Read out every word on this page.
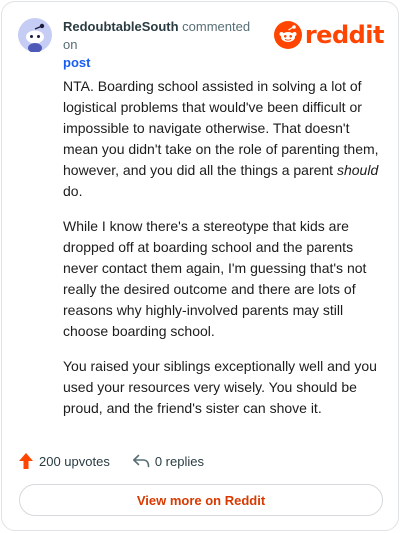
RedoubtableSouth commented on
post
reddit

NTA. Boarding school assisted in solving a lot of logistical problems that would've been difficult or impossible to navigate otherwise. That doesn't mean you didn't take on the role of parenting them, however, and you did all the things a parent should do.

While I know there's a stereotype that kids are dropped off at boarding school and the parents never contact them again, I'm guessing that's not really the desired outcome and there are lots of reasons why highly-involved parents may still choose boarding school.

You raised your siblings exceptionally well and you used your resources very wisely. You should be proud, and the friend's sister can shove it.

200 upvotes	0 replies
View more on Reddit
